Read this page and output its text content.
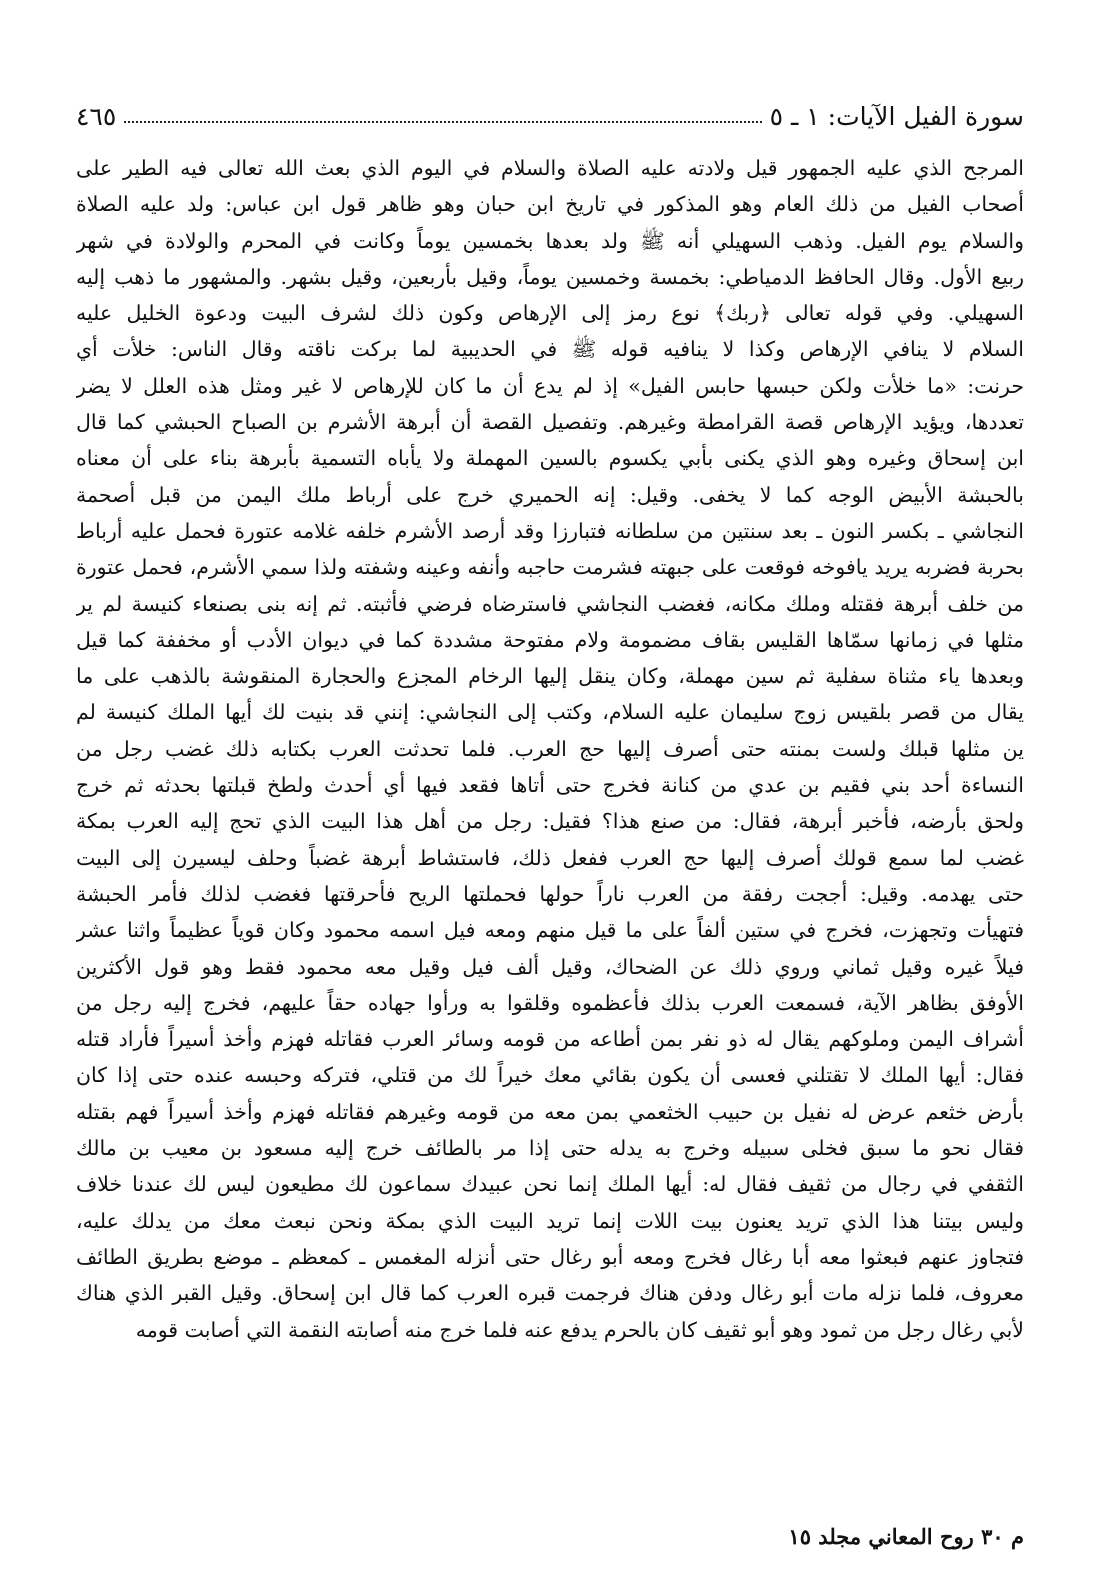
سورة الفيل الآيات: ١ ـ ٥
٤٦٥
المرجح الذي عليه الجمهور قيل ولادته عليه الصلاة والسلام في اليوم الذي بعث الله تعالى فيه الطير على
أصحاب الفيل من ذلك العام وهو المذكور في تاريخ ابن حبان وهو ظاهر قول ابن عباس: ولد عليه الصلاة
والسلام يوم الفيل. وذهب السهيلي أنه ﷺ ولد بعدها بخمسين يوماً وكانت في المحرم والولادة في شهر
ربيع الأول. وقال الحافظ الدمياطي: بخمسة وخمسين يوماً، وقيل بأربعين، وقيل بشهر. والمشهور ما ذهب إليه
السهيلي. وفي قوله تعالى ﴿ربك﴾ نوع رمز إلى الإرهاص وكون ذلك لشرف البيت ودعوة الخليل عليه
السلام لا ينافي الإرهاص وكذا لا ينافيه قوله ﷺ في الحديبية لما بركت ناقته وقال الناس: خلأت أي
حرنت: «ما خلأت ولكن حبسها حابس الفيل» إذ لم يدع أن ما كان للإرهاص لا غير ومثل هذه العلل لا يضر
تعددها، ويؤيد الإرهاص قصة القرامطة وغيرهم. وتفصيل القصة أن أبرهة الأشرم بن الصباح الحبشي كما قال
ابن إسحاق وغيره وهو الذي يكنى بأبي يكسوم بالسين المهملة ولا يأباه التسمية بأبرهة بناء على أن معناه
بالحبشة الأبيض الوجه كما لا يخفى. وقيل: إنه الحميري خرج على أرباط ملك اليمن من قبل أصحمة
النجاشي ـ بكسر النون ـ بعد سنتين من سلطانه فتبارزا وقد أرصد الأشرم خلفه غلامه عتورة فحمل عليه أرباط
بحربة فضربه يريد يافوخه فوقعت على جبهته فشرمت حاجبه وأنفه وعينه وشفته ولذا سمي الأشرم، فحمل عتورة
من خلف أبرهة فقتله وملك مكانه، فغضب النجاشي فاسترضاه فرضي فأثبته. ثم إنه بنى بصنعاء كنيسة لم ير
مثلها في زمانها سمّاها القليس بقاف مضمومة ولام مفتوحة مشددة كما في ديوان الأدب أو مخففة كما قيل
وبعدها ياء مثناة سفلية ثم سين مهملة، وكان ينقل إليها الرخام المجزع والحجارة المنقوشة بالذهب على ما
يقال من قصر بلقيس زوج سليمان عليه السلام، وكتب إلى النجاشي: إنني قد بنيت لك أيها الملك كنيسة لم
ين مثلها قبلك ولست بمنته حتى أصرف إليها حج العرب. فلما تحدثت العرب بكتابه ذلك غضب رجل من
النساءة أحد بني فقيم بن عدي من كنانة فخرج حتى أتاها فقعد فيها أي أحدث ولطخ قبلتها بحدثه ثم خرج
ولحق بأرضه، فأخبر أبرهة، فقال: من صنع هذا؟ فقيل: رجل من أهل هذا البيت الذي تحج إليه العرب بمكة
غضب لما سمع قولك أصرف إليها حج العرب ففعل ذلك، فاستشاط أبرهة غضباً وحلف ليسيرن إلى البيت
حتى يهدمه. وقيل: أججت رفقة من العرب ناراً حولها فحملتها الريح فأحرقتها فغضب لذلك فأمر الحبشة
فتهيأت وتجهزت، فخرج في ستين ألفاً على ما قيل منهم ومعه فيل اسمه محمود وكان قوياً عظيماً واثنا عشر
فيلاً غيره وقيل ثماني وروي ذلك عن الضحاك، وقيل ألف فيل وقيل معه محمود فقط وهو قول الأكثرين
الأوفق بظاهر الآية، فسمعت العرب بذلك فأعظموه وقلقوا به ورأوا جهاده حقاً عليهم، فخرج إليه رجل من
أشراف اليمن وملوكهم يقال له ذو نفر بمن أطاعه من قومه وسائر العرب فقاتله فهزم وأخذ أسيراً فأراد قتله
فقال: أيها الملك لا تقتلني فعسى أن يكون بقائي معك خيراً لك من قتلي، فتركه وحبسه عنده حتى إذا كان
بأرض خثعم عرض له نفيل بن حبيب الخثعمي بمن معه من قومه وغيرهم فقاتله فهزم وأخذ أسيراً فهم بقتله
فقال نحو ما سبق فخلى سبيله وخرج به يدله حتى إذا مر بالطائف خرج إليه مسعود بن معيب بن مالك
الثقفي في رجال من ثقيف فقال له: أيها الملك إنما نحن عبيدك سماعون لك مطيعون ليس لك عندنا خلاف
وليس بيتنا هذا الذي تريد يعنون بيت اللات إنما تريد البيت الذي بمكة ونحن نبعث معك من يدلك عليه،
فتجاوز عنهم فبعثوا معه أبا رغال فخرج ومعه أبو رغال حتى أنزله المغمس ـ كمعظم ـ موضع بطريق الطائف
معروف، فلما نزله مات أبو رغال ودفن هناك فرجمت قبره العرب كما قال ابن إسحاق. وقيل القبر الذي هناك
لأبي رغال رجل من ثمود وهو أبو ثقيف كان بالحرم يدفع عنه فلما خرج منه أصابته النقمة التي أصابت قومه
م ٣٠ روح المعاني مجلد ١٥
